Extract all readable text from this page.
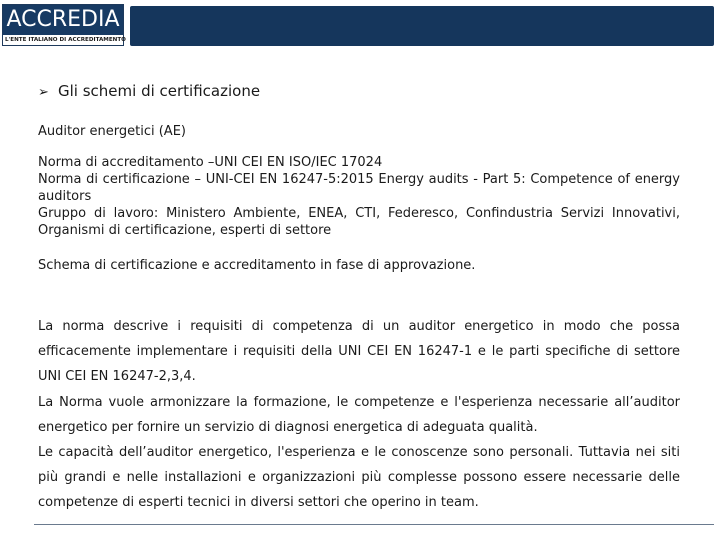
ACCREDIA
L'ENTE ITALIANO DI ACCREDITAMENTO
➢ Gli schemi di certificazione
Auditor energetici (AE)

Norma di accreditamento –UNI CEI EN ISO/IEC 17024

Norma di certificazione – UNI-CEI EN 16247-5:2015 Energy audits - Part 5: Competence of energy auditors

Gruppo di lavoro: Ministero Ambiente, ENEA, CTI, Federesco, Confindustria Servizi Innovativi, Organismi di certificazione, esperti di settore

Schema di certificazione e accreditamento in fase di approvazione.

La norma descrive i requisiti di competenza di un auditor energetico in modo che possa efficacemente implementare i requisiti della UNI CEI EN 16247-1 e le parti specifiche di settore UNI CEI EN 16247-2,3,4.

La Norma vuole armonizzare la formazione, le competenze e l'esperienza necessarie all’auditor energetico per fornire un servizio di diagnosi energetica di adeguata qualità.

Le capacità dell’auditor energetico, l'esperienza e le conoscenze sono personali. Tuttavia nei siti più grandi e nelle installazioni e organizzazioni più complesse possono essere necessarie delle competenze di esperti tecnici in diversi settori che operino in team.
